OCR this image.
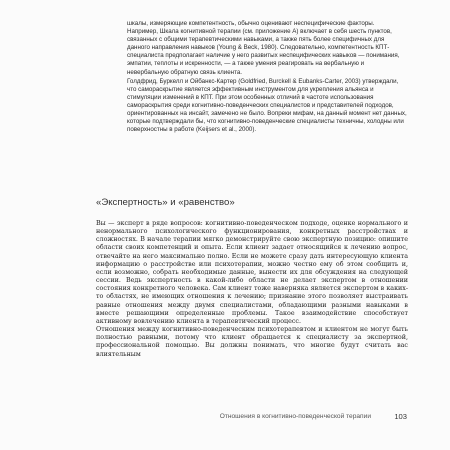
шкалы, измеряющие компетентность, обычно оценивают неспецифические факторы. Например, Шкала когнитивной терапии (см. приложение А) включает в себя шесть пунктов, связанных с общими терапевтическими навыками, а также пять более специфичных для данного направления навыков (Young & Beck, 1980). Следовательно, компетентность КПТ-специалиста предполагает наличие у него развитых неспецифических навыков — понимания, эмпатии, теплоты и искренности, — а также умения реагировать на вербальную и невербальную обратную связь клиента.

Голдфрид, Буркелл и Ойбанкс-Картер (Goldfried, Burckell & Eubanks-Carter, 2003) утверждали, что самораскрытие является эффективным инструментом для укрепления альянса и стимуляции изменений в КПТ. При этом особенных отличий в частоте использования самораскрытия среди когнитивно-поведенческих специалистов и представителей подходов, ориентированных на инсайт, замечено не было. Вопреки мифам, на данный момент нет данных, которые подтверждали бы, что когнитивно-поведенческие специалисты техничны, холодны или поверхностны в работе (Keijsers et al., 2000).

«Экспертность» и «равенство»

Вы — эксперт в ряде вопросов: когнитивно-поведенческом подходе, оценке нормального и ненормального психологического функционирования, конкретных расстройствах и сложностях. В начале терапии мягко демонстрируйте свою экспертную позицию: опишите области своих компетенций и опыта. Если клиент задает относящийся к лечению вопрос, отвечайте на него максимально полно. Если не можете сразу дать интересующую клиента информацию о расстройстве или психотерапии, можно честно ему об этом сообщить и, если возможно, собрать необходимые данные, вынести их для обсуждения на следующей сессии. Ведь экспертность в какой-либо области не делает экспертом в отношении состояния конкретного человека. Сам клиент тоже наверняка является экспертом в каких-то областях, не имеющих отношения к лечению; признание этого позволяет выстраивать равные отношения между двумя специалистами, обладающими разными навыками в вместе решающими определенные проблемы. Такое взаимодействие способствует активному вовлечению клиента в терапевтический процесс.

Отношения между когнитивно-поведенческим психотерапевтом и клиентом не могут быть полностью равными, потому что клиент обращается к специалисту за экспертной, профессиональной помощью. Вы должны понимать, что многие будут считать вас влиятельным

Отношения в когнитивно-поведенческой терапии	103
